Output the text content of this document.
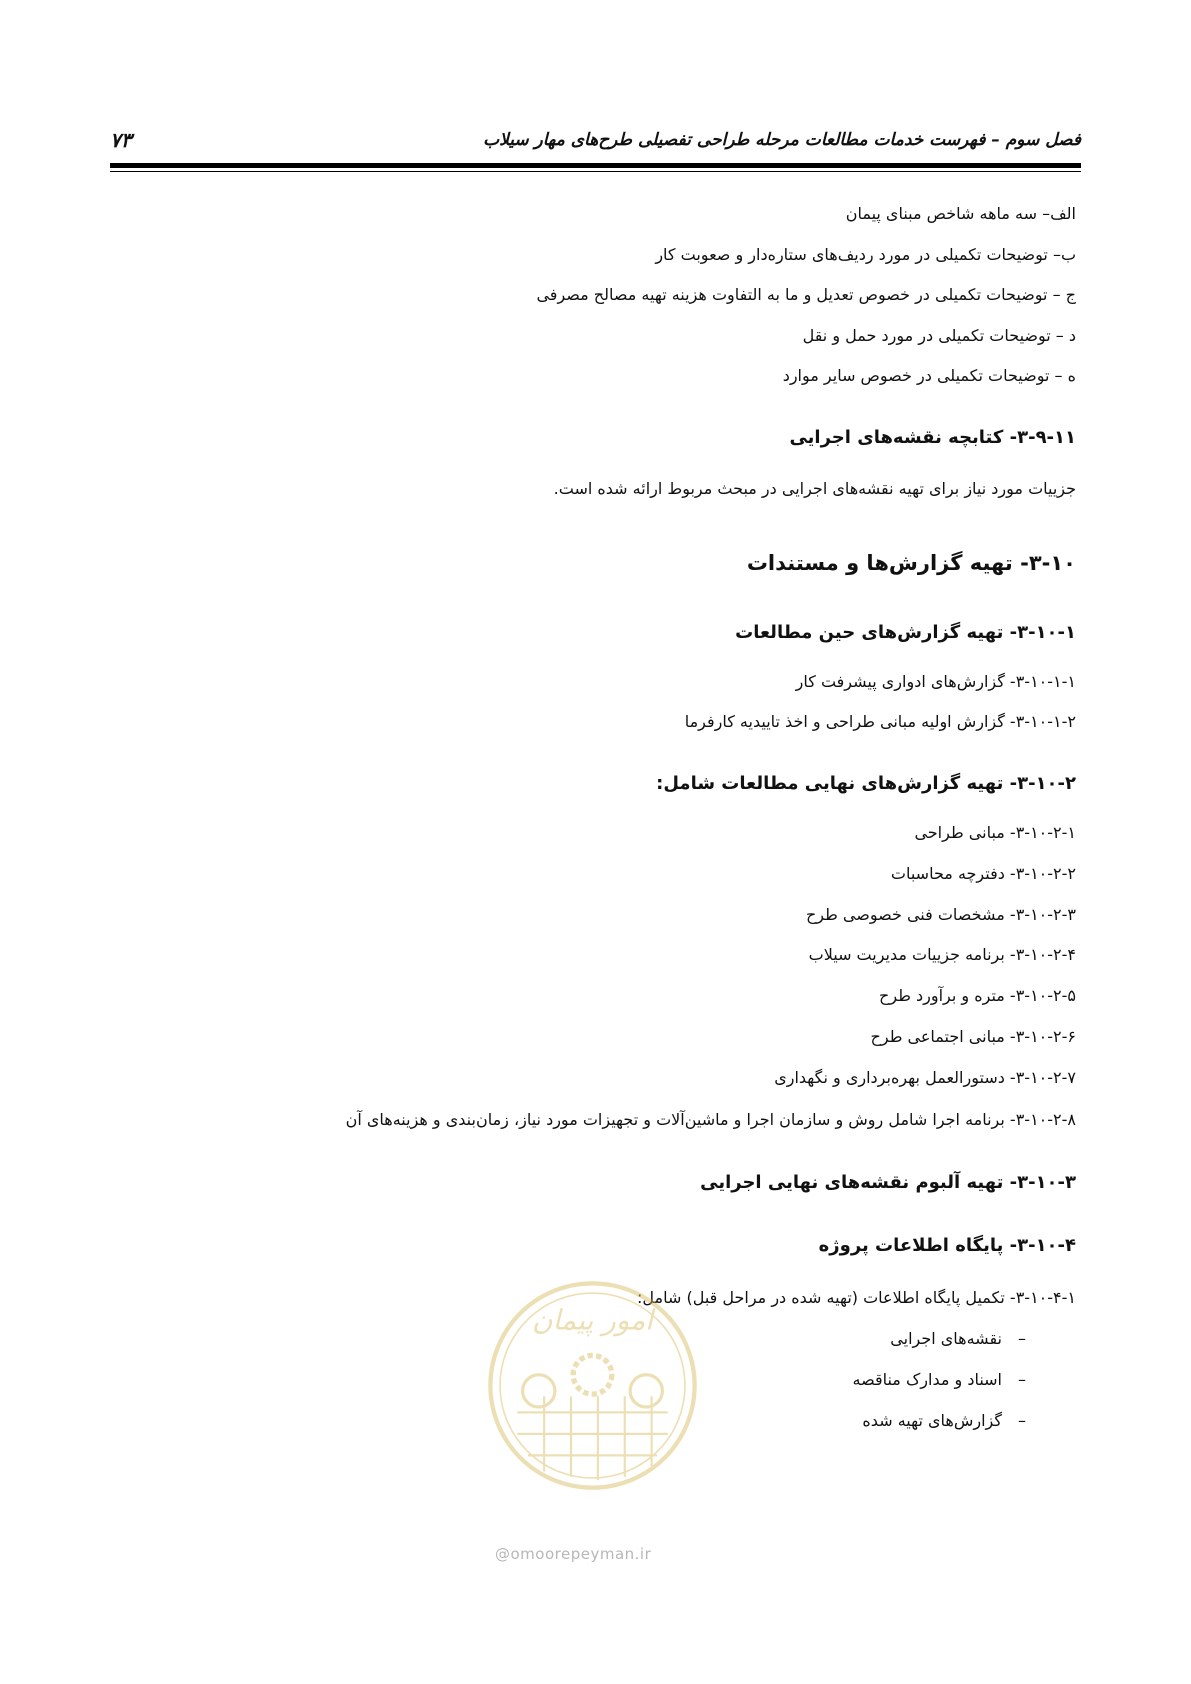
فصل سوم – فهرست خدمات مطالعات مرحله طراحی تفصیلی طرح‌های مهار سیلاب
۷۳
الف– سه ماهه شاخص مبنای پیمان
ب– توضیحات تکمیلی در مورد ردیف‌های ستاره‌دار و صعوبت کار
ج – توضیحات تکمیلی در خصوص تعدیل و ما به التفاوت هزینه تهیه مصالح مصرفی
د – توضیحات تکمیلی در مورد حمل و نقل
ه – توضیحات تکمیلی در خصوص سایر موارد
۳-۹-۱۱- کتابچه نقشه‌های اجرایی
جزییات مورد نیاز برای تهیه نقشه‌های اجرایی در مبحث مربوط ارائه شده است.
۳-۱۰- تهیه گزارش‌ها و مستندات
۳-۱۰-۱- تهیه گزارش‌های حین مطالعات
۳-۱۰-۱-۱- گزارش‌های ادواری پیشرفت کار
۳-۱۰-۱-۲- گزارش اولیه مبانی طراحی و اخذ تاییدیه کارفرما
۳-۱۰-۲- تهیه گزارش‌های نهایی مطالعات شامل:
۳-۱۰-۲-۱- مبانی طراحی
۳-۱۰-۲-۲- دفترچه محاسبات
۳-۱۰-۲-۳- مشخصات فنی خصوصی طرح
۳-۱۰-۲-۴- برنامه جزییات مدیریت سیلاب
۳-۱۰-۲-۵- متره و برآورد طرح
۳-۱۰-۲-۶- مبانی اجتماعی طرح
۳-۱۰-۲-۷- دستورالعمل بهره‌برداری و نگهداری
۳-۱۰-۲-۸- برنامه اجرا شامل روش و سازمان اجرا و ماشین‌آلات و تجهیزات مورد نیاز، زمان‌بندی و هزینه‌های آن
۳-۱۰-۳- تهیه آلبوم نقشه‌های نهایی اجرایی
۳-۱۰-۴- پایگاه اطلاعات پروژه
۳-۱۰-۴-۱- تکمیل پایگاه اطلاعات (تهیه شده در مراحل قبل) شامل:
–نقشه‌های اجرایی
–اسناد و مدارک مناقصه
–گزارش‌های تهیه شده
امور پیمان
@omoorepeyman.ir
